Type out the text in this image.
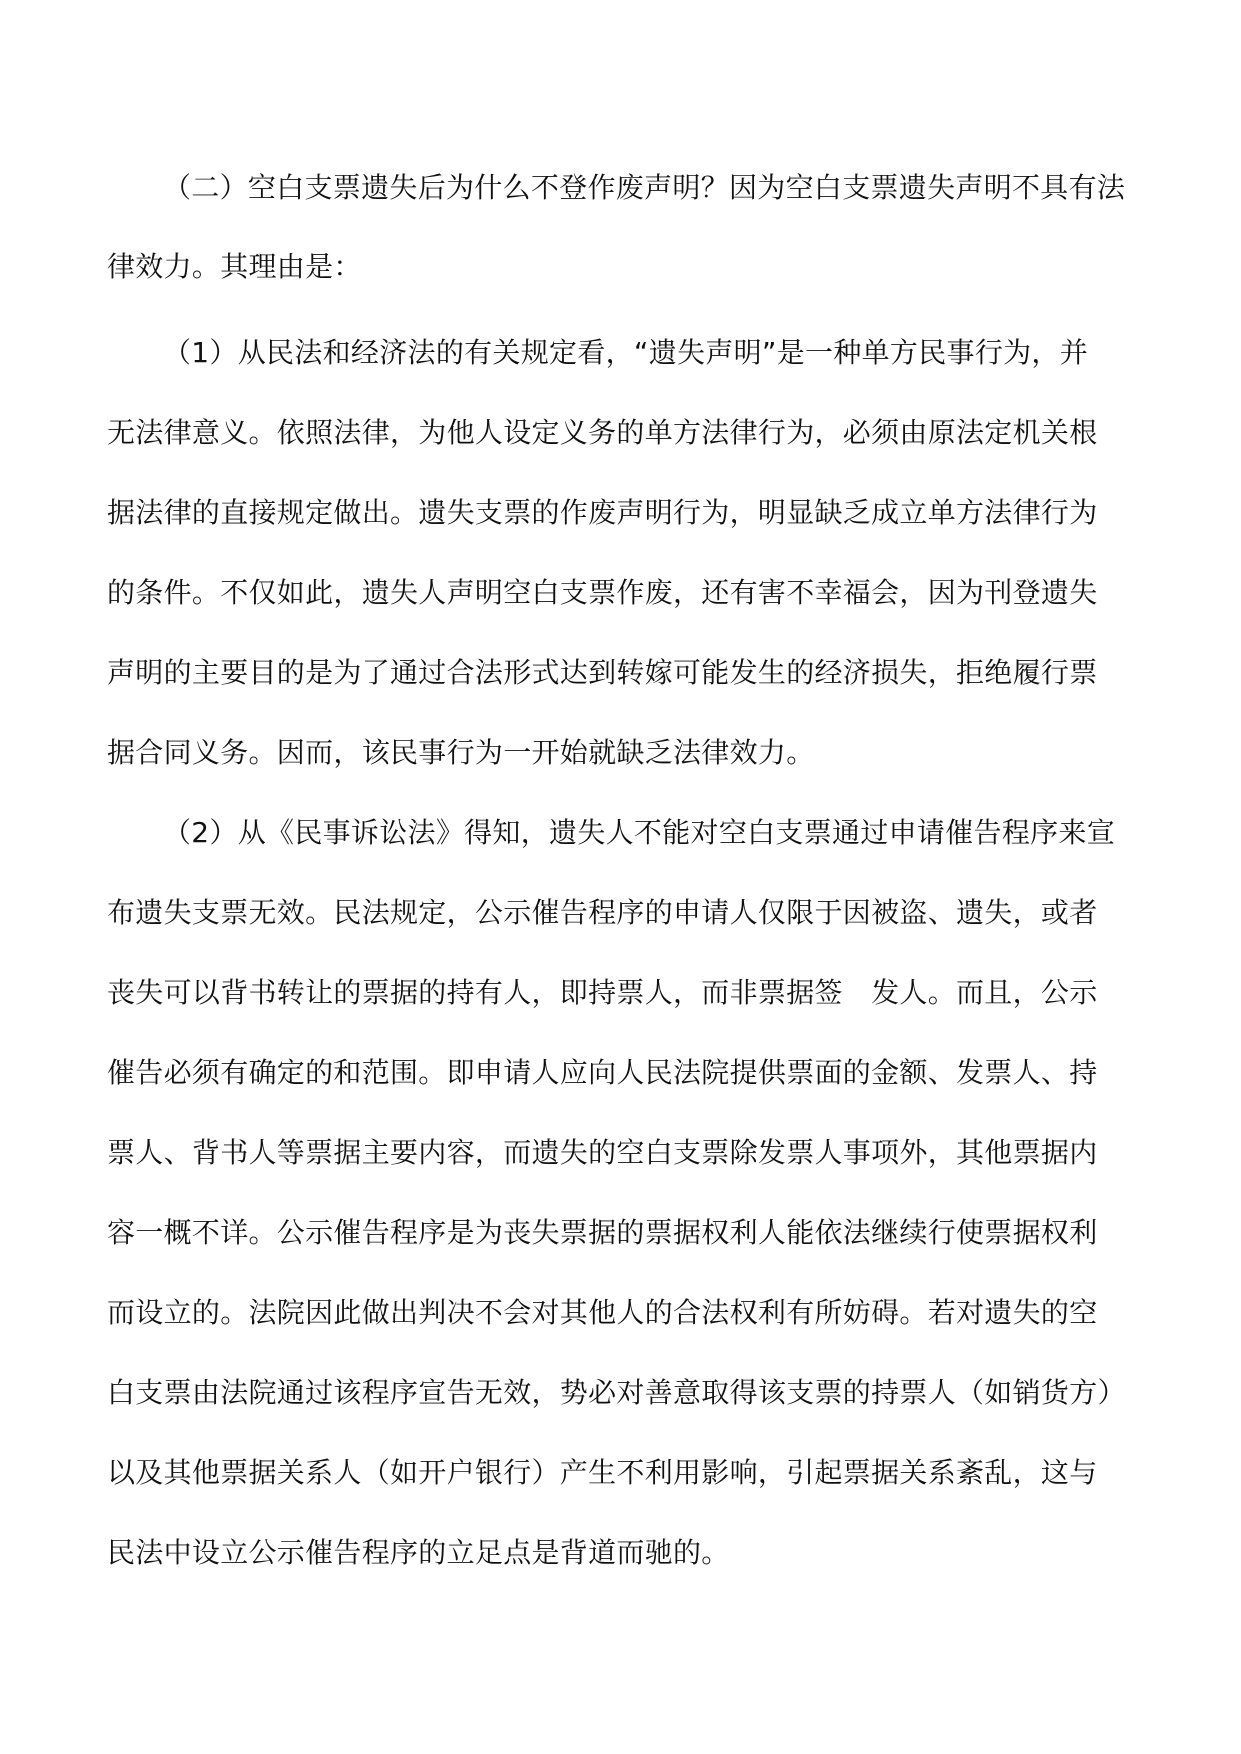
（二）空白支票遗失后为什么不登作废声明？因为空白支票遗失声明不具有法

律效力。其理由是：

（1）从民法和经济法的有关规定看，“遗失声明”是一种单方民事行为，并

无法律意义。依照法律，为他人设定义务的单方法律行为，必须由原法定机关根

据法律的直接规定做出。遗失支票的作废声明行为，明显缺乏成立单方法律行为

的条件。不仅如此，遗失人声明空白支票作废，还有害不幸福会，因为刊登遗失

声明的主要目的是为了通过合法形式达到转嫁可能发生的经济损失，拒绝履行票

据合同义务。因而，该民事行为一开始就缺乏法律效力。

（2）从《民事诉讼法》得知，遗失人不能对空白支票通过申请催告程序来宣

布遗失支票无效。民法规定，公示催告程序的申请人仅限于因被盗、遗失，或者

丧失可以背书转让的票据的持有人，即持票人，而非票据签　发人。而且，公示

催告必须有确定的和范围。即申请人应向人民法院提供票面的金额、发票人、持

票人、背书人等票据主要内容，而遗失的空白支票除发票人事项外，其他票据内

容一概不详。公示催告程序是为丧失票据的票据权利人能依法继续行使票据权利

而设立的。法院因此做出判决不会对其他人的合法权利有所妨碍。若对遗失的空

白支票由法院通过该程序宣告无效，势必对善意取得该支票的持票人（如销货方）

以及其他票据关系人（如开户银行）产生不利用影响，引起票据关系紊乱，这与

民法中设立公示催告程序的立足点是背道而驰的。
